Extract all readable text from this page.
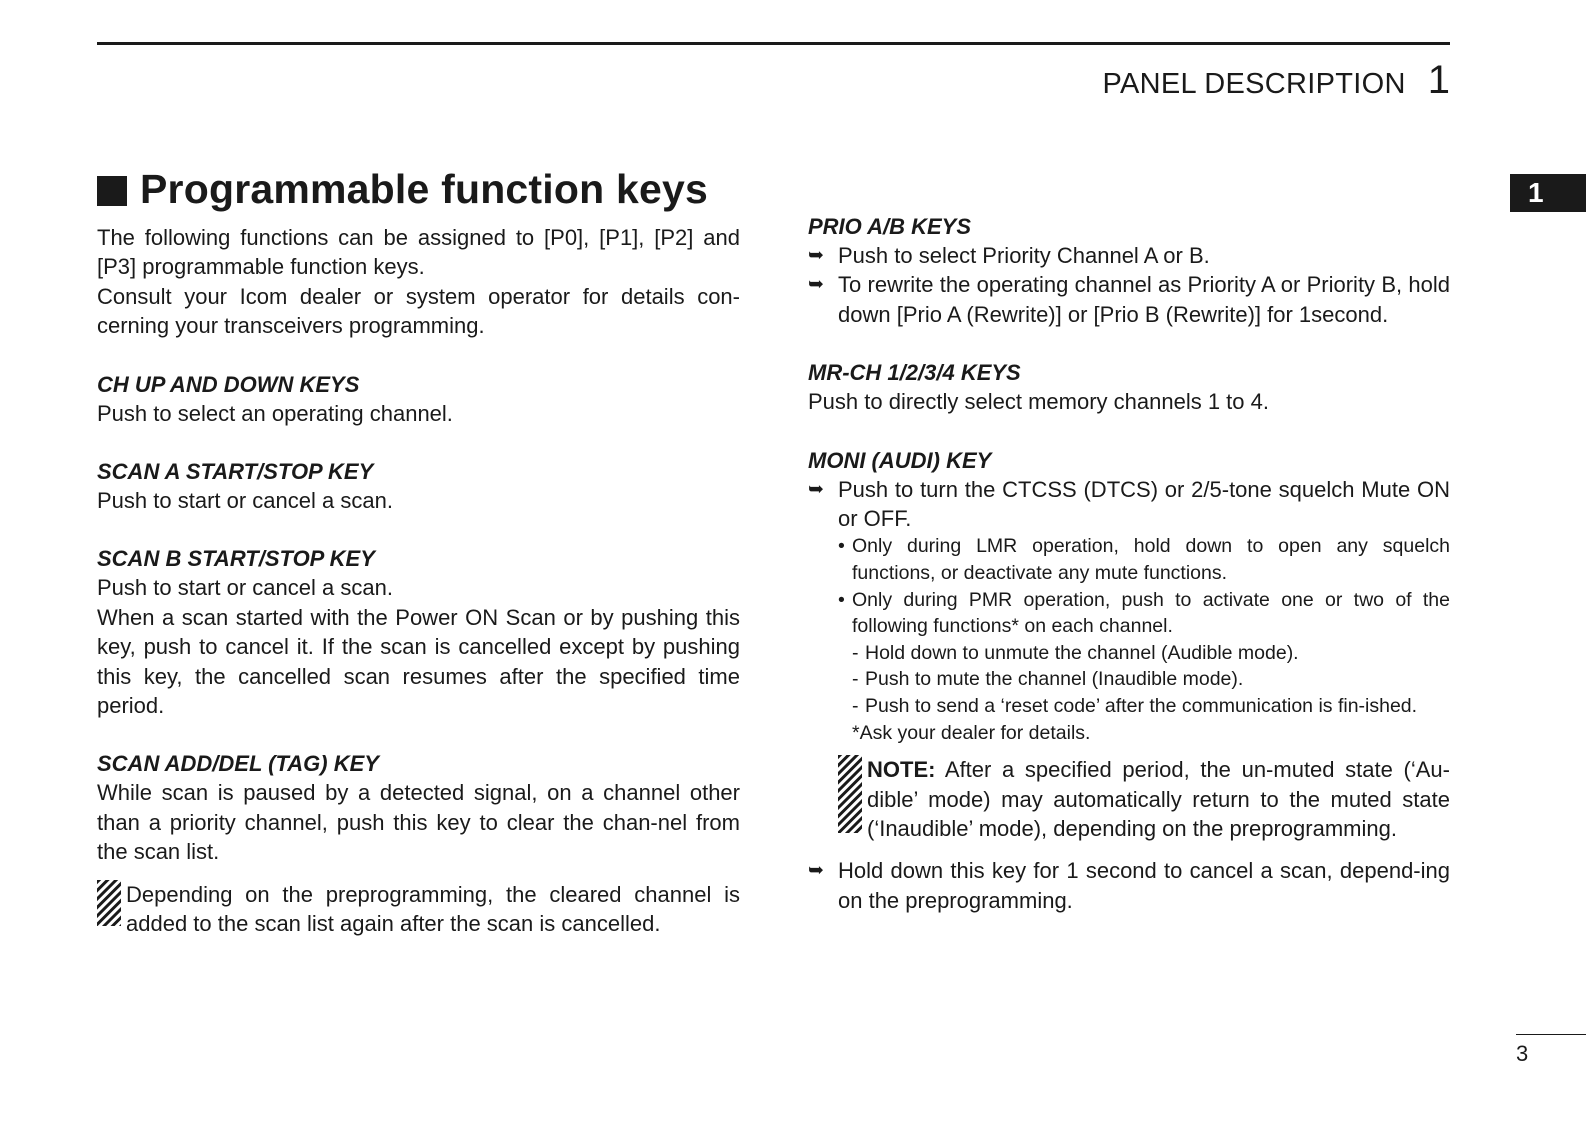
PANEL DESCRIPTION 1
1
Programmable function keys

The following functions can be assigned to [P0], [P1], [P2] and [P3] programmable function keys.

Consult your Icom dealer or system operator for details con-cerning your transceivers programming.

CH UP AND DOWN KEYS

Push to select an operating channel.

SCAN A START/STOP KEY

Push to start or cancel a scan.

SCAN B START/STOP KEY

Push to start or cancel a scan.

When a scan started with the Power ON Scan or by pushing this key, push to cancel it. If the scan is cancelled except by pushing this key, the cancelled scan resumes after the specified time period.

SCAN ADD/DEL (TAG) KEY

While scan is paused by a detected signal, on a channel other than a priority channel, push this key to clear the chan-nel from the scan list.

Depending on the preprogramming, the cleared channel is added to the scan list again after the scan is cancelled.
PRIO A/B KEYS
➥ Push to select Priority Channel A or B.
➥ To rewrite the operating channel as Priority A or Priority B, hold down [Prio A (Rewrite)] or [Prio B (Rewrite)] for 1second.
MR-CH 1/2/3/4 KEYS

Push to directly select memory channels 1 to 4.

MONI (AUDI) KEY
➥ Push to turn the CTCSS (DTCS) or 2/5-tone squelch Mute ON or OFF.
• Only during LMR operation, hold down to open any squelch functions, or deactivate any mute functions.
• Only during PMR operation, push to activate one or two of the following functions* on each channel.
- Hold down to unmute the channel (Audible mode).
- Push to mute the channel (Inaudible mode).
- Push to send a ‘reset code’ after the communication is fin-ished.
*Ask your dealer for details.
NOTE: After a specified period, the un-muted state (‘Au-dible’ mode) may automatically return to the muted state (‘Inaudible’ mode), depending on the preprogramming.
➥ Hold down this key for 1 second to cancel a scan, depend-ing on the preprogramming.
3
